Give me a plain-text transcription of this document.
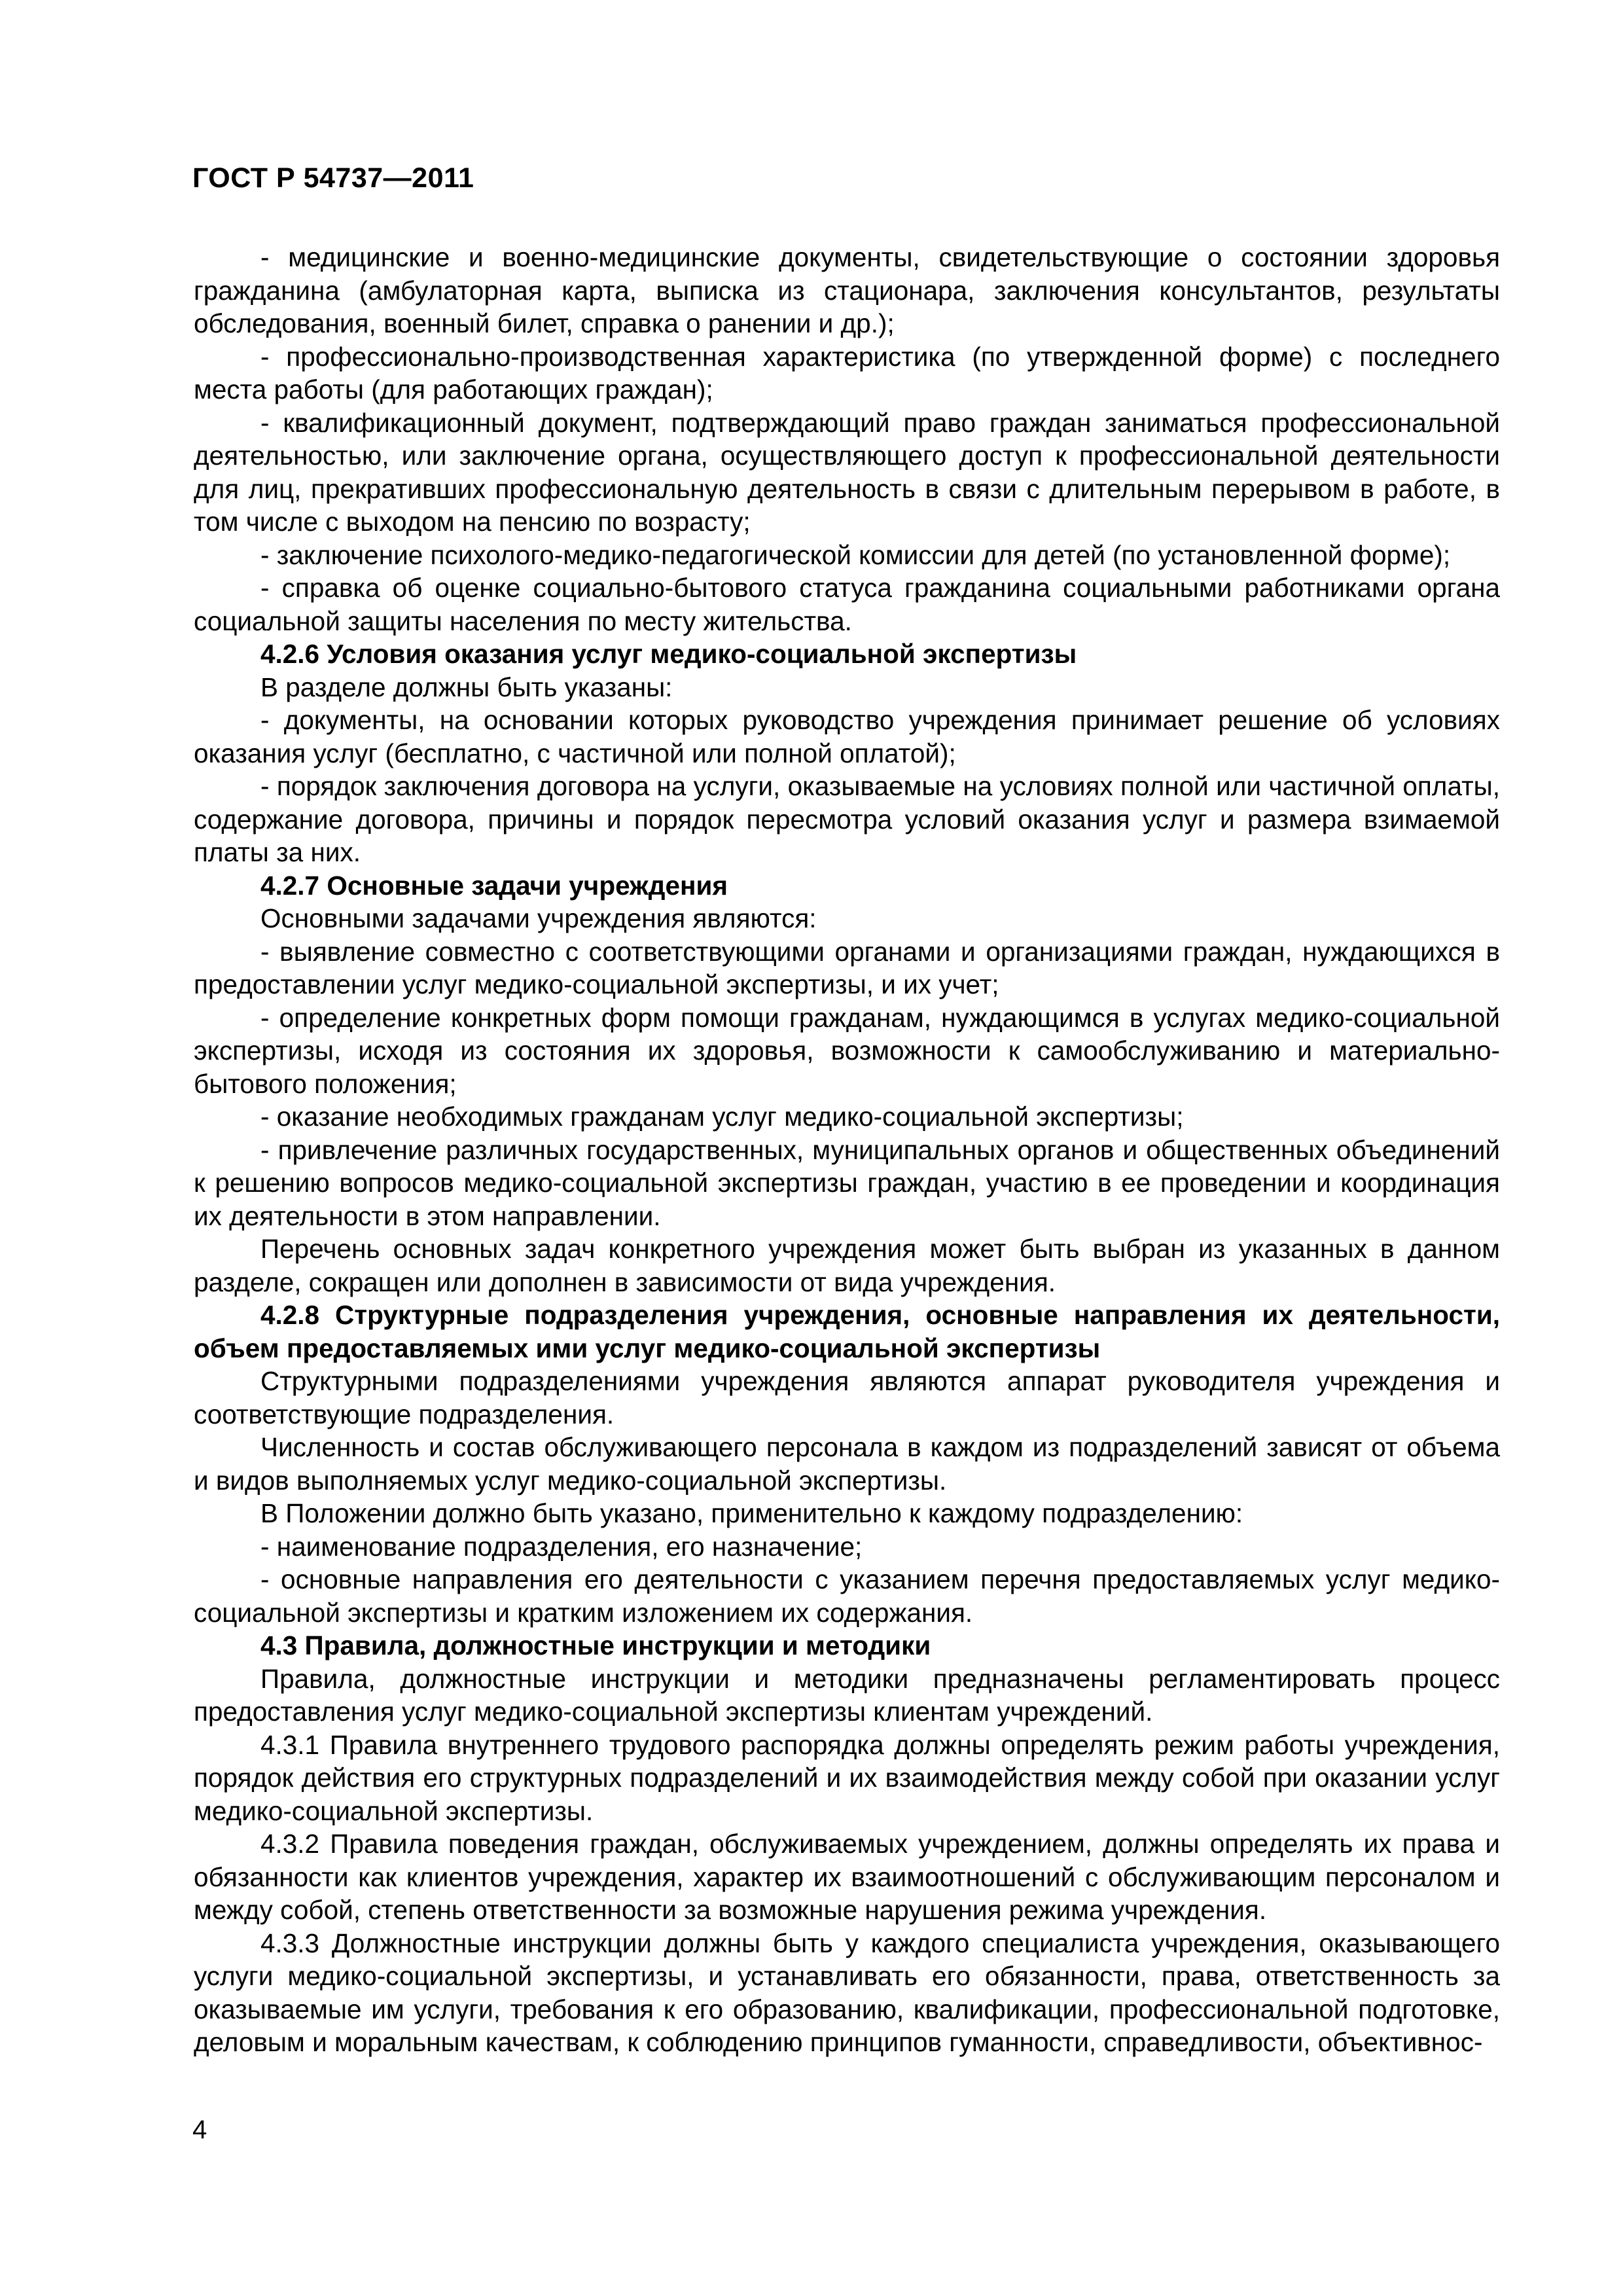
ГОСТ Р 54737—2011

- медицинские и военно-медицинские документы, свидетельствующие о состоянии здоровья гражданина (амбулаторная карта, выписка из стационара, заключения консультантов, результаты обследования, военный билет, справка о ранении и др.);

- профессионально-производственная характеристика (по утвержденной форме) с последнего места работы (для работающих граждан);

- квалификационный документ, подтверждающий право граждан заниматься профессиональной деятельностью, или заключение органа, осуществляющего доступ к профессиональной деятельности для лиц, прекративших профессиональную деятельность в связи с длительным перерывом в работе, в том числе с выходом на пенсию по возрасту;

- заключение психолого-медико-педагогической комиссии для детей (по установленной форме);

- справка об оценке социально-бытового статуса гражданина социальными работниками органа социальной защиты населения по месту жительства.

4.2.6 Условия оказания услуг медико-социальной экспертизы

В разделе должны быть указаны:

- документы, на основании которых руководство учреждения принимает решение об условиях оказания услуг (бесплатно, с частичной или полной оплатой);

- порядок заключения договора на услуги, оказываемые на условиях полной или частичной оплаты, содержание договора, причины и порядок пересмотра условий оказания услуг и размера взимаемой платы за них.

4.2.7 Основные задачи учреждения

Основными задачами учреждения являются:

- выявление совместно с соответствующими органами и организациями граждан, нуждающихся в предоставлении услуг медико-социальной экспертизы, и их учет;

- определение конкретных форм помощи гражданам, нуждающимся в услугах медико-социальной экспертизы, исходя из состояния их здоровья, возможности к самообслуживанию и материально-бытового положения;

- оказание необходимых гражданам услуг медико-социальной экспертизы;

- привлечение различных государственных, муниципальных органов и общественных объединений к решению вопросов медико-социальной экспертизы граждан, участию в ее проведении и координация их деятельности в этом направлении.

Перечень основных задач конкретного учреждения может быть выбран из указанных в данном разделе, сокращен или дополнен в зависимости от вида учреждения.

4.2.8 Структурные подразделения учреждения, основные направления их деятельности, объем предоставляемых ими услуг медико-социальной экспертизы

Структурными подразделениями учреждения являются аппарат руководителя учреждения и соответствующие подразделения.

Численность и состав обслуживающего персонала в каждом из подразделений зависят от объема и видов выполняемых услуг медико-социальной экспертизы.

В Положении должно быть указано, применительно к каждому подразделению:

- наименование подразделения, его назначение;

- основные направления его деятельности с указанием перечня предоставляемых услуг медико-социальной экспертизы и кратким изложением их содержания.

4.3 Правила, должностные инструкции и методики

Правила, должностные инструкции и методики предназначены регламентировать процесс предоставления услуг медико-социальной экспертизы клиентам учреждений.

4.3.1 Правила внутреннего трудового распорядка должны определять режим работы учреждения, порядок действия его структурных подразделений и их взаимодействия между собой при оказании услуг медико-социальной экспертизы.

4.3.2 Правила поведения граждан, обслуживаемых учреждением, должны определять их права и обязанности как клиентов учреждения, характер их взаимоотношений с обслуживающим персоналом и между собой, степень ответственности за возможные нарушения режима учреждения.

4.3.3 Должностные инструкции должны быть у каждого специалиста учреждения, оказывающего услуги медико-социальной экспертизы, и устанавливать его обязанности, права, ответственность за оказываемые им услуги, требования к его образованию, квалификации, профессиональной подготовке, деловым и моральным качествам, к соблюдению принципов гуманности, справедливости, объективнос-

4
